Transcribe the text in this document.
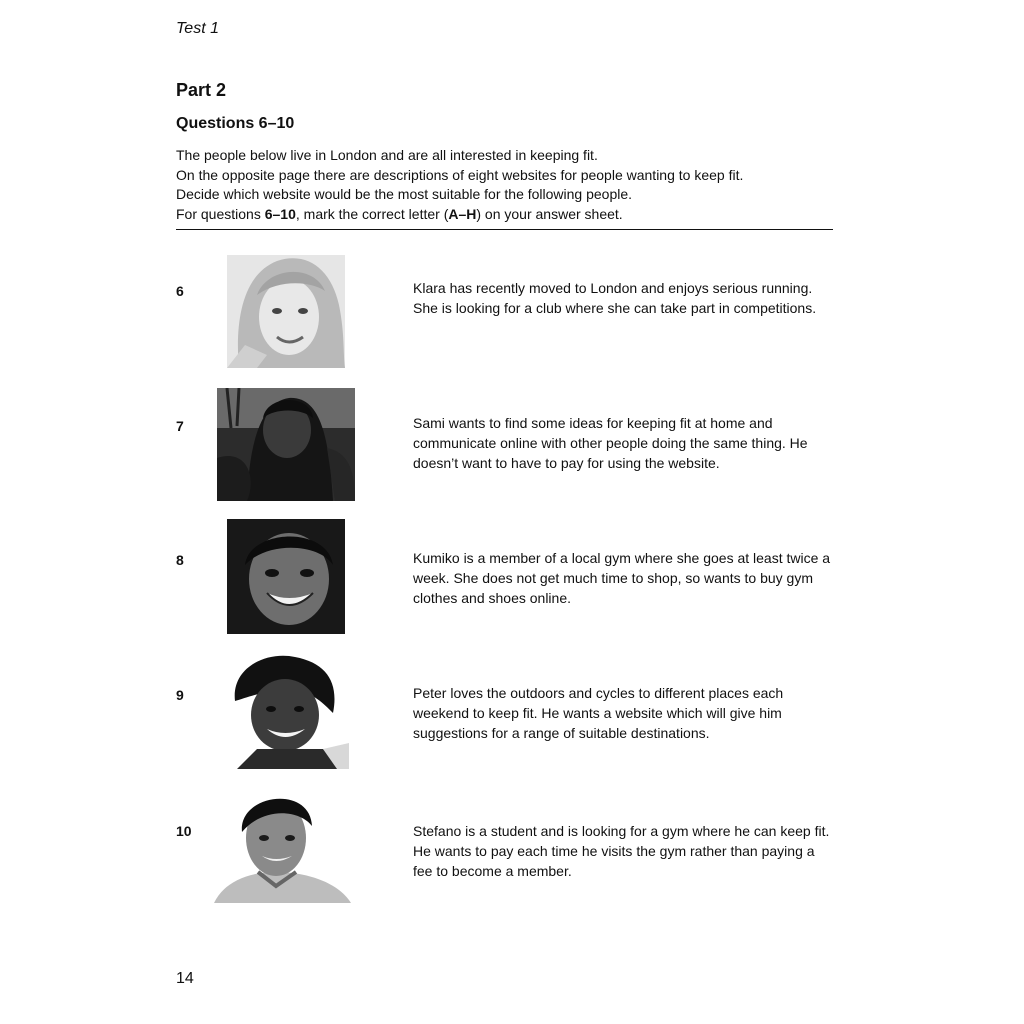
Test 1
Part 2
Questions 6–10

The people below live in London and are all interested in keeping fit.

On the opposite page there are descriptions of eight websites for people wanting to keep fit.

Decide which website would be the most suitable for the following people.

For questions 6–10, mark the correct letter (A–H) on your answer sheet.

6	Klara has recently moved to London and enjoys serious running. She is looking for a club where she can take part in competitions.
7	Sami wants to find some ideas for keeping fit at home and communicate online with other people doing the same thing. He doesn’t want to have to pay for using the website.
8	Kumiko is a member of a local gym where she goes at least twice a week. She does not get much time to shop, so wants to buy gym clothes and shoes online.
9	Peter loves the outdoors and cycles to different places each weekend to keep fit. He wants a website which will give him suggestions for a range of suitable destinations.
10	Stefano is a student and is looking for a gym where he can keep fit. He wants to pay each time he visits the gym rather than paying a fee to become a member.
14
